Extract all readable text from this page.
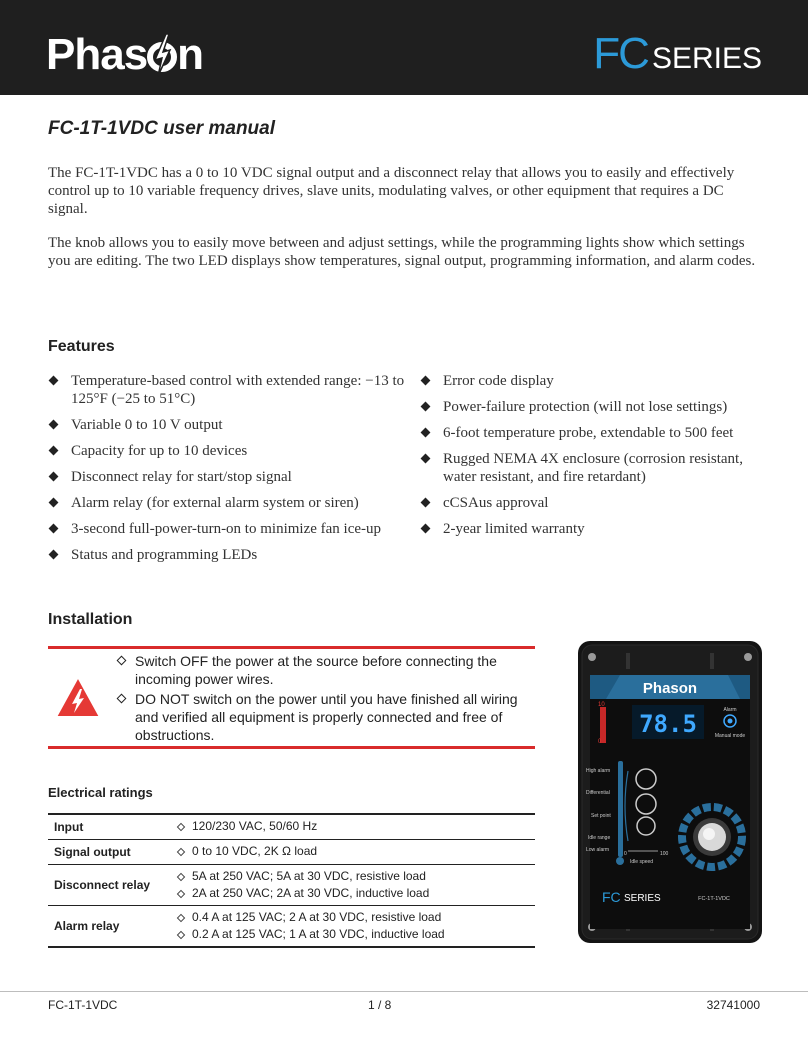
Phas n	FC SERIES
FC-1T-1VDC user manual

The FC-1T-1VDC has a 0 to 10 VDC signal output and a disconnect relay that allows you to easily and effectively control up to 10 variable frequency drives, slave units, modulating valves, or other equipment that requires a DC signal.

The knob allows you to easily move between and adjust settings, while the programming lights show which settings you are editing. The two LED displays show temperatures, signal output, programming information, and alarm codes.

Features
Temperature-based control with extended range: −13 to 125°F (−25 to 51°C)
Variable 0 to 10 V output
Capacity for up to 10 devices
Disconnect relay for start/stop signal
Alarm relay (for external alarm system or siren)
3-second full-power-turn-on to minimize fan ice-up
Status and programming LEDs
Error code display
Power-failure protection (will not lose settings)
6-foot temperature probe, extendable to 500 feet
Rugged NEMA 4X enclosure (corrosion resistant, water resistant, and fire retardant)
cCSAus approval
2-year limited warranty
Installation
Switch OFF the power at the source before connecting the incoming power wires.
DO NOT switch on the power until you have finished all wiring and verified all equipment is properly connected and free of obstructions.
Electrical ratings
Input	120/230 VAC, 50/60 Hz

Signal output	0 to 10 VDC, 2K Ω load

Disconnect relay	5A at 250 VAC; 5A at 30 VDC, resistive load
2A at 250 VAC; 2A at 30 VDC, inductive load

Alarm relay	0.4 A at 125 VAC; 2 A at 30 VDC, resistive load
0.2 A at 125 VAC; 1 A at 30 VDC, inductive load
Phason
10
0
78.5	Alarm
Manual mode
High alarm
Differential
Set point
Idle range
Low alarm
0	100
Idle speed
FC SERIES	FC-1T-1VDC
FC-1T-1VDC	1 / 8	32741000
